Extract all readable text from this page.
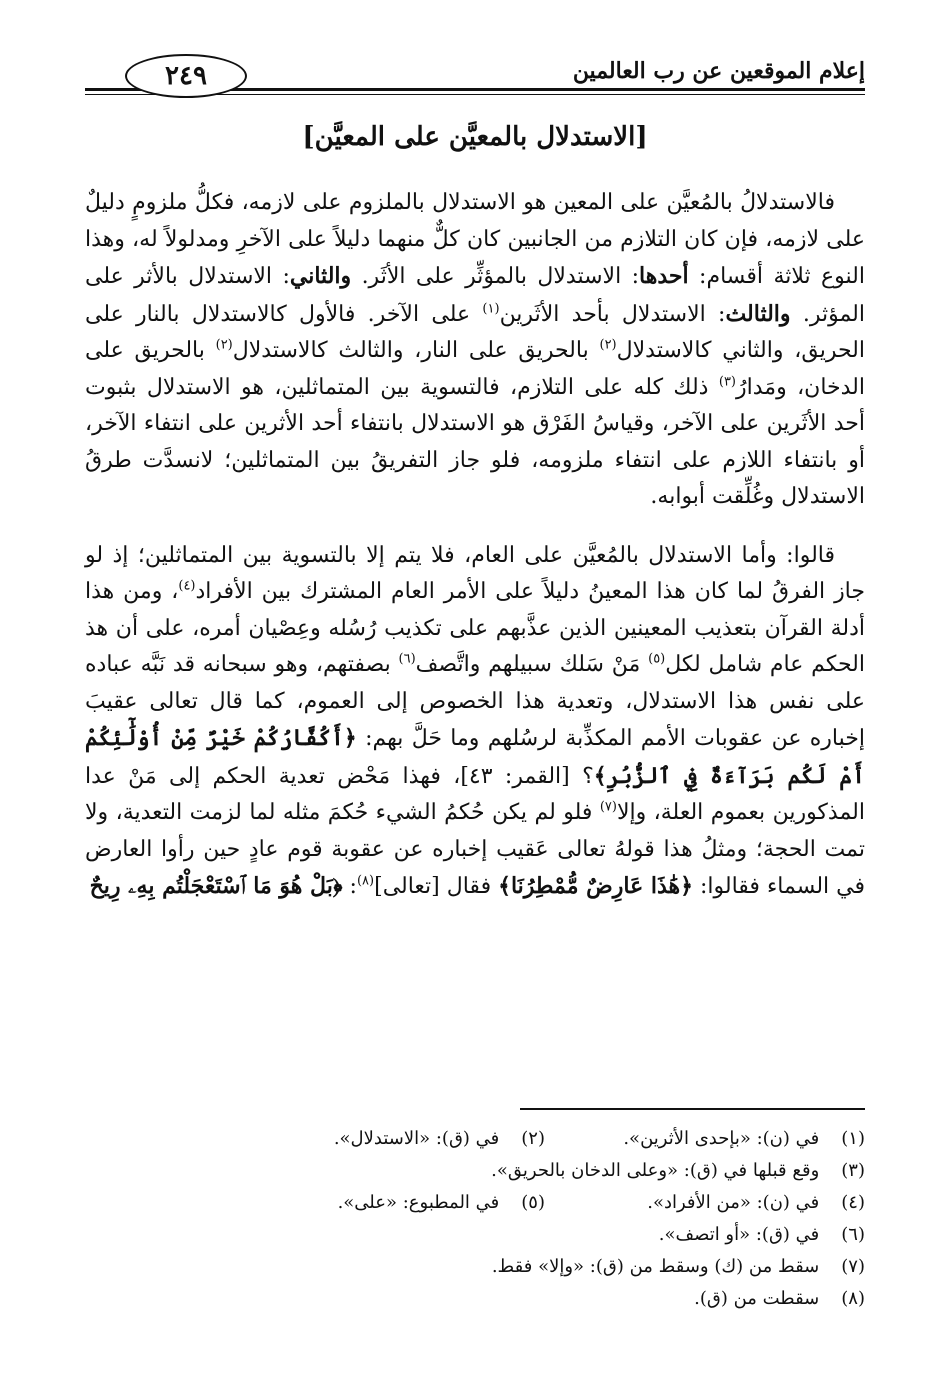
إعلام الموقعين عن رب العالمين
٢٤٩
[الاستدلال بالمعيَّن على المعيَّن]

فالاستدلالُ بالمُعيَّن على المعين هو الاستدلال بالملزوم على لازمه، فكلُّ ملزومٍ دليلٌ على لازمه، فإن كان التلازم من الجانبين كان كلٌّ منهما دليلاً على الآخرِ ومدلولاً له، وهذا النوع ثلاثة أقسام: أحدها: الاستدلال بالمؤثِّر على الأثَر. والثاني: الاستدلال بالأثر على المؤثر. والثالث: الاستدلال بأحد الأثَرين$^{(١)}$ على الآخر. فالأول كالاستدلال بالنار على الحريق، والثاني كالاستدلال$^{(٢)}$ بالحريق على النار، والثالث كالاستدلال$^{(٢)}$ بالحريق على الدخان، ومَدارُ$^{(٣)}$ ذلك كله على التلازم، فالتسوية بين المتماثلين، هو الاستدلال بثبوت أحد الأثَرين على الآخر، وقياسُ الفَرْق هو الاستدلال بانتفاء أحد الأثرين على انتفاء الآخر، أو بانتفاء اللازم على انتفاء ملزومه، فلو جاز التفريقُ بين المتماثلين؛ لانسدَّت طرقُ الاستدلال وغُلِّقت أبوابه.

قالوا: وأما الاستدلال بالمُعيَّن على العام، فلا يتم إلا بالتسوية بين المتماثلين؛ إذ لو جاز الفرقُ لما كان هذا المعينُ دليلاً على الأمر العام المشترك بين الأفراد$^{(٤)}$، ومن هذا أدلة القرآن بتعذيب المعينين الذين عذَّبهم على تكذيب رُسُله وعِصْيان أمره، على أن هذ الحكم عام شامل لكل$^{(٥)}$ مَنْ سَلك سبيلهم واتَّصف$^{(٦)}$ بصفتهم، وهو سبحانه قد نَبَّه عباده على نفس هذا الاستدلال، وتعدية هذا الخصوص إلى العموم، كما قال تعالى عقيبَ إخباره عن عقوبات الأمم المكذِّبة لرسُلهم وما حَلَّ بهم: ﴿أَكُفَّارُكُمْ خَيْرٌ مِّنْ أُوْلَٰٓئِكُمْ أَمْ لَكُم بَرَآءَةٌ فِي ٱلزُّبُرِ﴾؟ [القمر: ٤٣]، فهذا مَحْض تعدية الحكم إلى مَنْ عدا المذكورين بعموم العلة، وإلا$^{(٧)}$ فلو لم يكن حُكمُ الشيء حُكمَ مثله لما لزمت التعدية، ولا تمت الحجة؛ ومثلُ هذا قولهُ تعالى عَقيب إخباره عن عقوبة قوم عادٍ حين رأوا العارض في السماء فقالوا: ﴿هَٰذَا عَارِضٌ مُّمْطِرُنَا﴾ فقال [تعالى]$^{(٨)}$: ﴿بَلْ هُوَ مَا ٱسْتَعْجَلْتُم بِهِۦ رِيحٌ

(١) في (ن): «بإحدى الأثرين».
(٢) في (ق): «الاستدلال».
(٣) وقع قبلها في (ق): «وعلى الدخان بالحريق».
(٤) في (ن): «من الأفراد».
(٥) في المطبوع: «على».
(٦) في (ق): «أو اتصف».
(٧) سقط من (ك) وسقط من (ق): «وإلا» فقط.
(٨) سقطت من (ق).
